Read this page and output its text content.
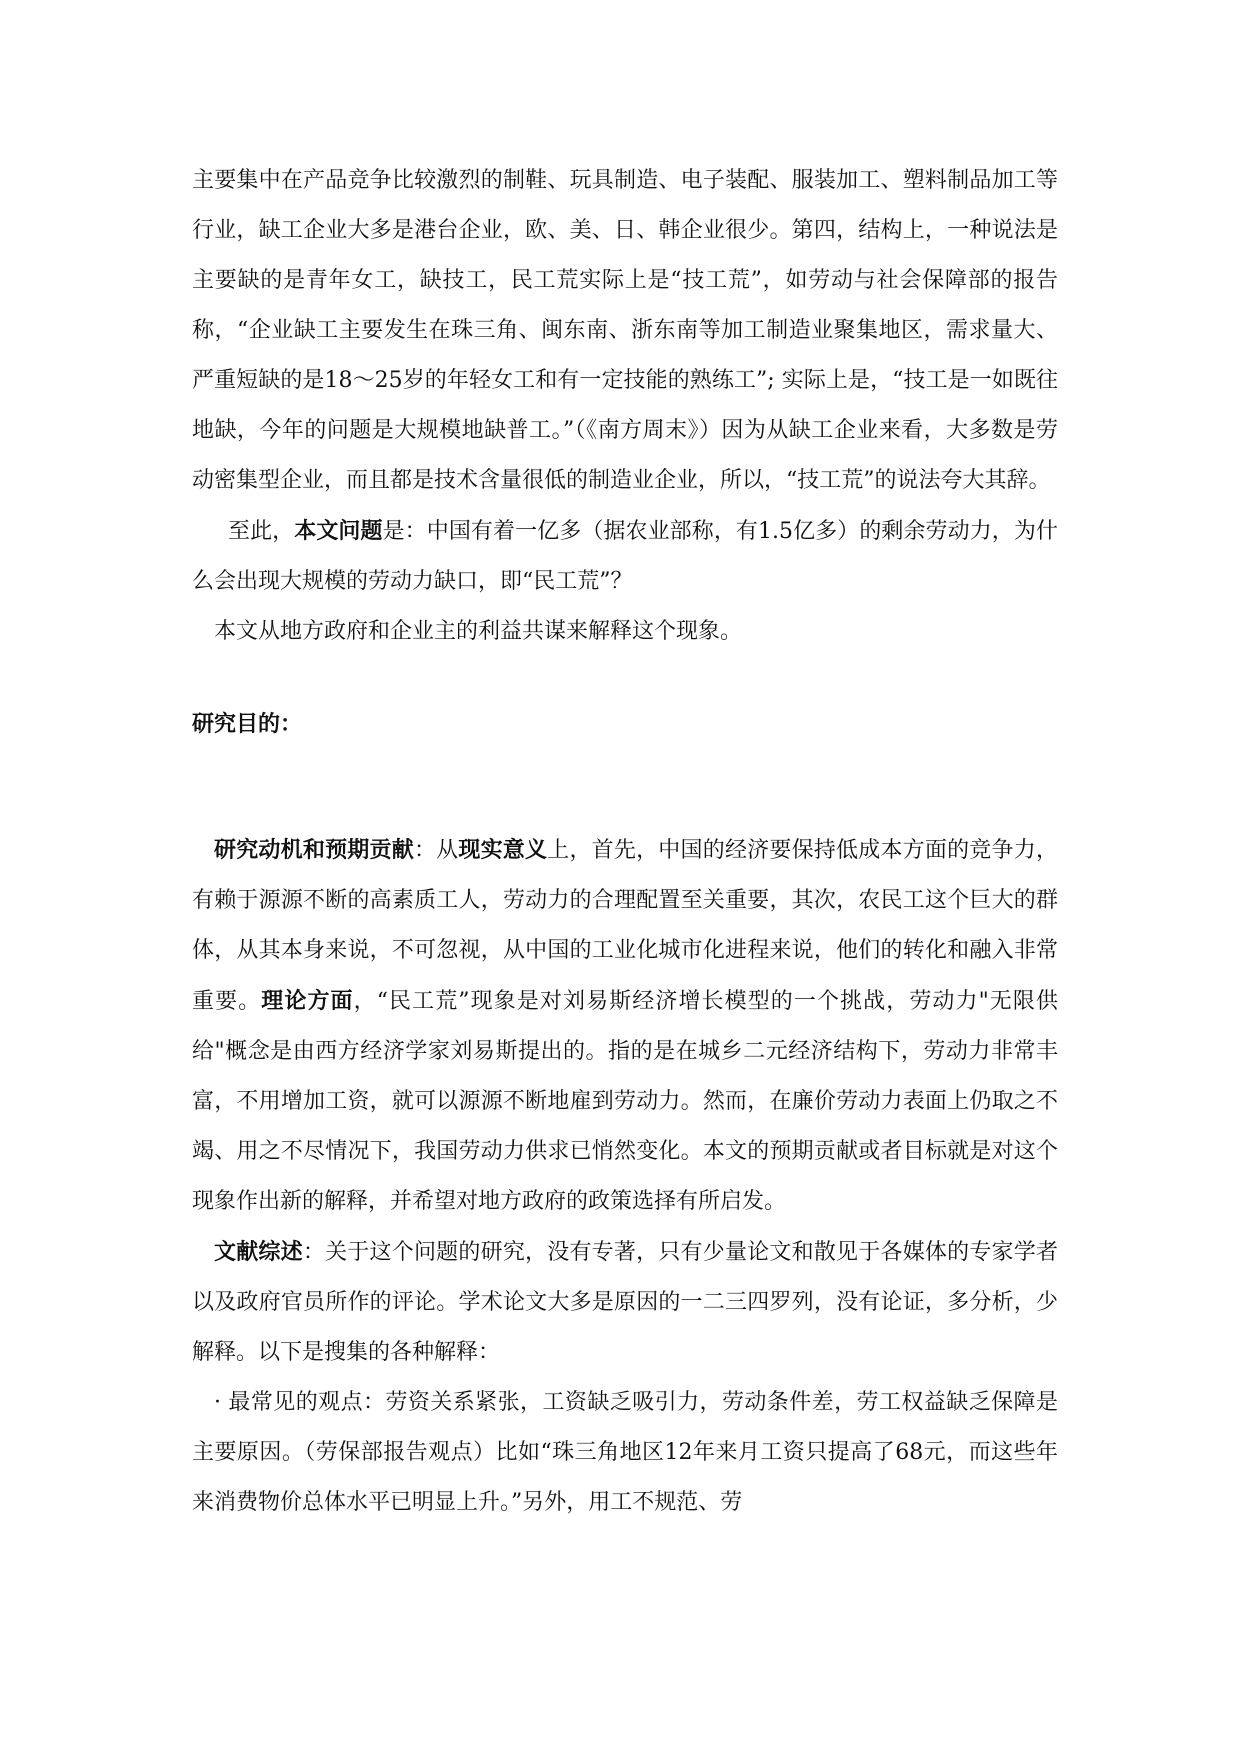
主要集中在产品竞争比较激烈的制鞋、玩具制造、电子装配、服装加工、塑料制品加工等行业，缺工企业大多是港台企业，欧、美、日、韩企业很少。第四，结构上，一种说法是主要缺的是青年女工，缺技工，民工荒实际上是“技工荒”，如劳动与社会保障部的报告称，“企业缺工主要发生在珠三角、闽东南、浙东南等加工制造业聚集地区，需求量大、严重短缺的是18～25岁的年轻女工和有一定技能的熟练工”; 实际上是，“技工是一如既往地缺，今年的问题是大规模地缺普工。”（《南方周末》）因为从缺工企业来看，大多数是劳动密集型企业，而且都是技术含量很低的制造业企业，所以，“技工荒”的说法夸大其辞。

至此，本文问题是：中国有着一亿多（据农业部称，有1.5亿多）的剩余劳动力，为什么会出现大规模的劳动力缺口，即“民工荒”？

本文从地方政府和企业主的利益共谋来解释这个现象。

研究目的：

研究动机和预期贡献：从现实意义上，首先，中国的经济要保持低成本方面的竞争力，有赖于源源不断的高素质工人，劳动力的合理配置至关重要，其次，农民工这个巨大的群体，从其本身来说，不可忽视，从中国的工业化城市化进程来说，他们的转化和融入非常重要。理论方面，“民工荒”现象是对刘易斯经济增长模型的一个挑战，劳动力"无限供给"概念是由西方经济学家刘易斯提出的。指的是在城乡二元经济结构下，劳动力非常丰富，不用增加工资，就可以源源不断地雇到劳动力。然而，在廉价劳动力表面上仍取之不竭、用之不尽情况下，我国劳动力供求已悄然变化。本文的预期贡献或者目标就是对这个现象作出新的解释，并希望对地方政府的政策选择有所启发。

文献综述：关于这个问题的研究，没有专著，只有少量论文和散见于各媒体的专家学者以及政府官员所作的评论。学术论文大多是原因的一二三四罗列，没有论证，多分析，少解释。以下是搜集的各种解释：

· 最常见的观点：劳资关系紧张，工资缺乏吸引力，劳动条件差，劳工权益缺乏保障是主要原因。（劳保部报告观点）比如“珠三角地区12年来月工资只提高了68元，而这些年来消费物价总体水平已明显上升。”另外，用工不规范、劳
